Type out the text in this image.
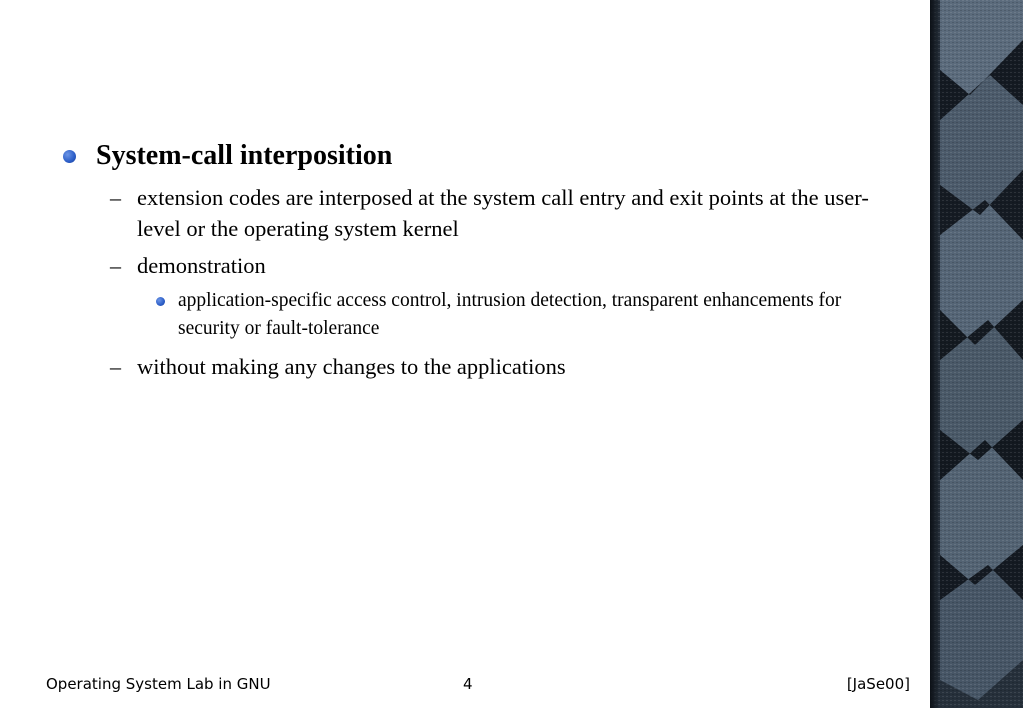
System-call interposition
– extension codes are interposed at the system call entry and exit points at the user-level or the operating system kernel
– demonstration
application-specific access control, intrusion detection, transparent enhancements for security or fault-tolerance
– without making any changes to the applications
Operating System Lab in GNU	4	[JaSe00]
